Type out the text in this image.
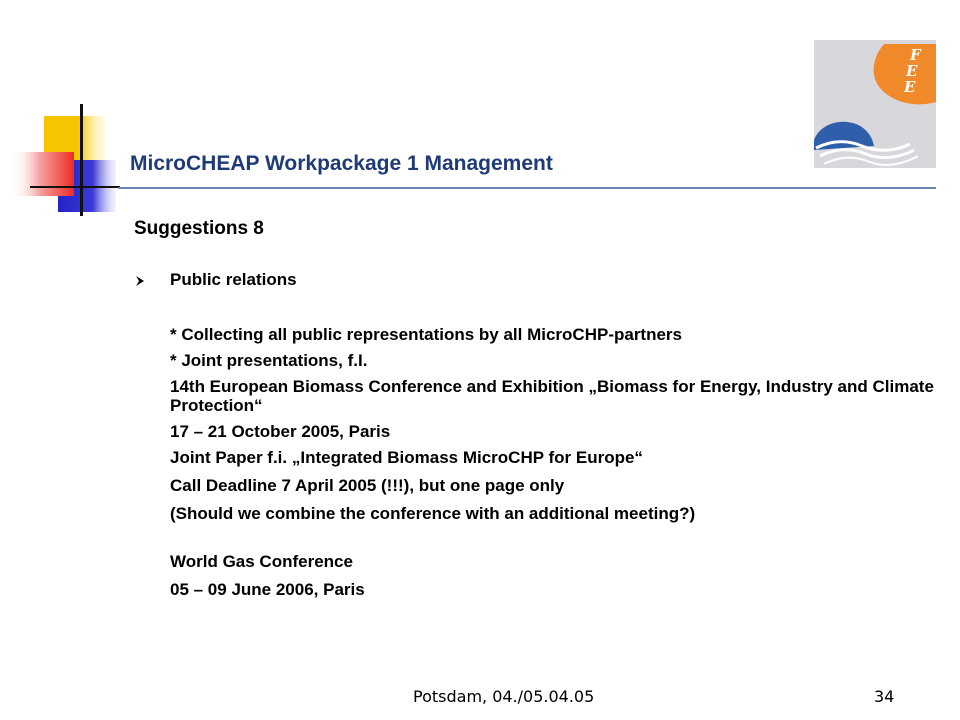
F
E
E
MicroCHEAP Workpackage 1 Management
Suggestions 8
Public relations
* Collecting all public representations by all MicroCHP-partners
* Joint presentations, f.I.
14th European Biomass Conference and Exhibition „Biomass for Energy, Industry and Climate Protection“
17 – 21 October 2005, Paris
Joint Paper f.i. „Integrated Biomass MicroCHP for Europe“
Call Deadline 7 April 2005 (!!!), but one page only
(Should we combine the conference with an additional meeting?)
World Gas Conference
05 – 09 June 2006, Paris
Potsdam, 04./05.04.05	34
